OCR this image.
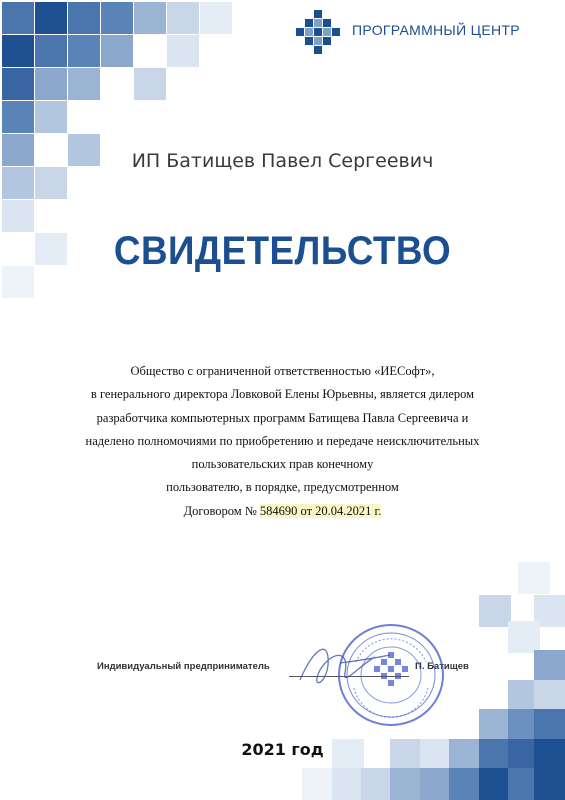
ПРОГРАММНЫЙ ЦЕНТР
ИП Батищев Павел Сергеевич
СВИДЕТЕЛЬСТВО
Общество с ограниченной ответственностью «ИЕСофт»,
в генерального директора Ловковой Елены Юрьевны, является дилером
разработчика компьютерных программ Батищева Павла Сергеевича и
наделено полномочиями по приобретению и передаче неисключительных
пользовательских прав конечному
пользователю, в порядке, предусмотренном
Договором № 584690 от 20.04.2021 г.
Индивидуальный предприниматель	П. Батищев
2021 год
